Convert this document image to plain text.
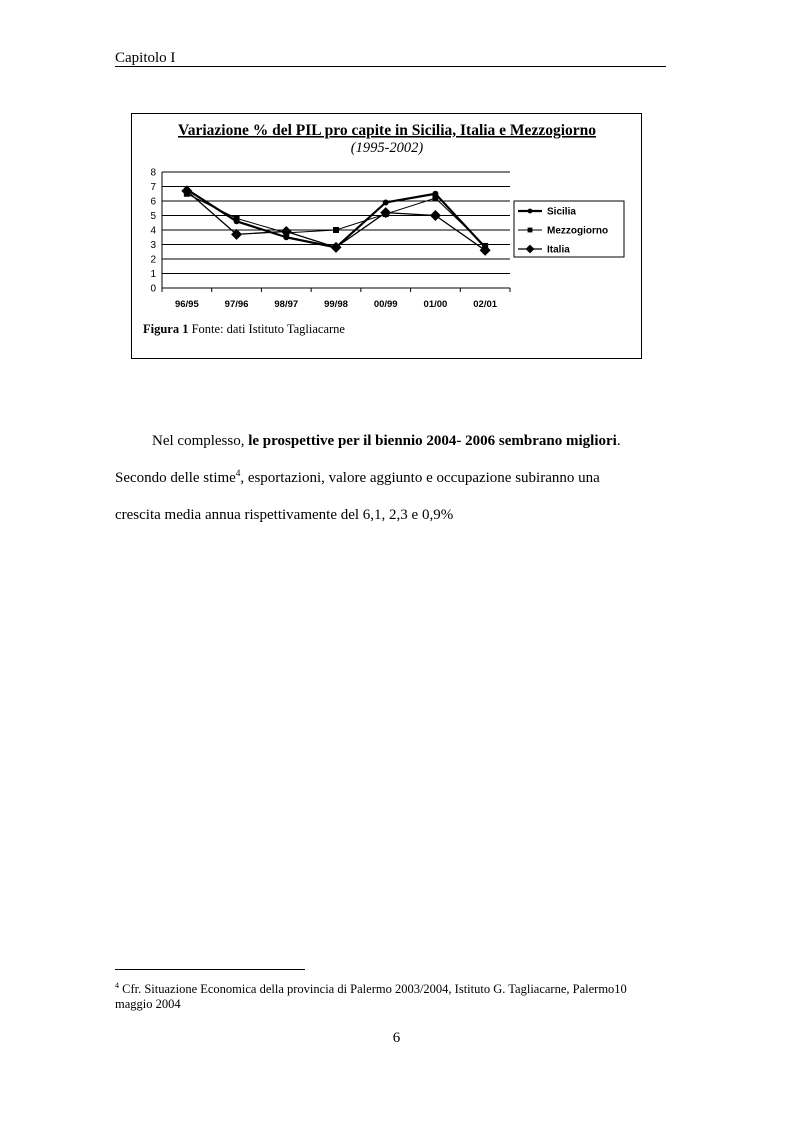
Capitolo I
Variazione % del PIL pro capite in Sicilia, Italia e Mezzogiorno
(1995-2002)
0
1
2
3
4
5
6
7
8
96/95	97/96	98/97	99/98	00/99	01/00	02/01
Sicilia
Mezzogiorno
Italia
Figura 1 Fonte: dati Istituto Tagliacarne

Nel complesso, le prospettive per il biennio 2004- 2006 sembrano migliori.

Secondo delle stime$^4$, esportazioni, valore aggiunto e occupazione subiranno una

crescita media annua rispettivamente del 6,1, 2,3 e 0,9%

$^4$ Cfr. Situazione Economica della provincia di Palermo 2003/2004, Istituto G. Tagliacarne, Palermo10 maggio 2004
6
